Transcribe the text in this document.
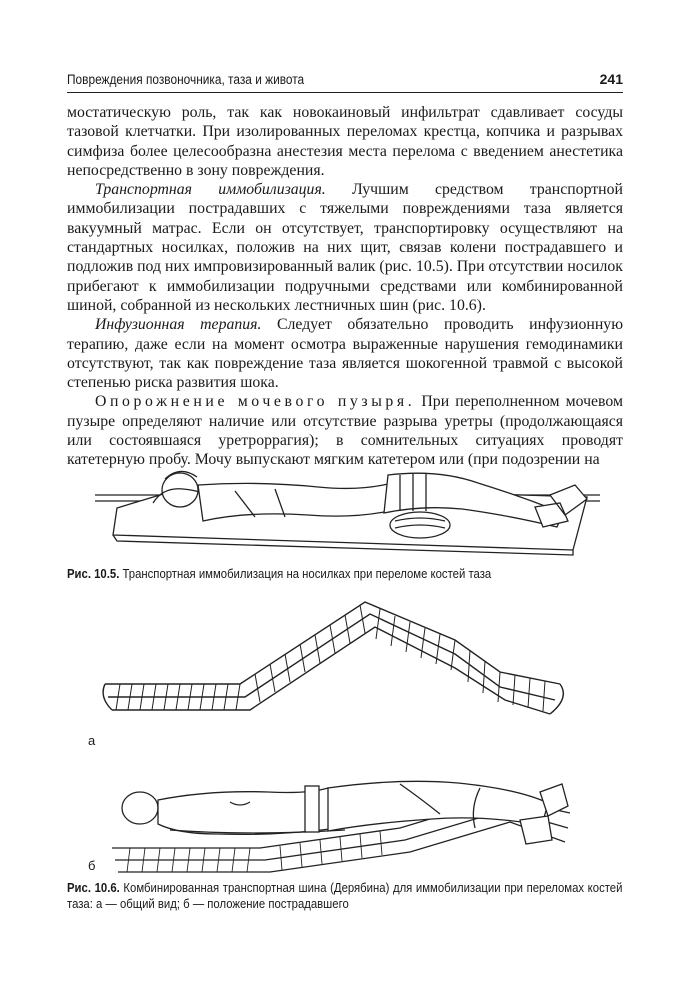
Повреждения позвоночника, таза и живота	241

мостатическую роль, так как новокаиновый инфильтрат сдавливает сосуды тазовой клетчатки. При изолированных переломах крестца, копчика и разрывах симфиза более целесообразна анестезия места перелома с введением анестетика непосредственно в зону повреждения.

Транспортная иммобилизация. Лучшим средством транспортной иммобилизации пострадавших с тяжелыми повреждениями таза является вакуумный матрас. Если он отсутствует, транспортировку осуществляют на стандартных носилках, положив на них щит, связав колени пострадавшего и подложив под них импровизированный валик (рис. 10.5). При отсутствии носилок прибегают к иммобилизации подручными средствами или комбинированной шиной, собранной из нескольких лестничных шин (рис. 10.6).

Инфузионная терапия. Следует обязательно проводить инфузионную терапию, даже если на момент осмотра выраженные нарушения гемодинамики отсутствуют, так как повреждение таза является шокогенной травмой с высокой степенью риска развития шока.

Опорожнение мочевого пузыря. При переполненном мочевом пузыре определяют наличие или отсутствие разрыва уретры (продолжающаяся или состоявшаяся уретроррагия); в сомнительных ситуациях проводят катетерную пробу. Мочу выпускают мягким катетером или (при подозрении на

Рис. 10.5. Транспортная иммобилизация на носилках при переломе костей таза
а
б
Рис. 10.6. Комбинированная транспортная шина (Дерябина) для иммобилизации при переломах костей таза: а — общий вид; б — положение пострадавшего
